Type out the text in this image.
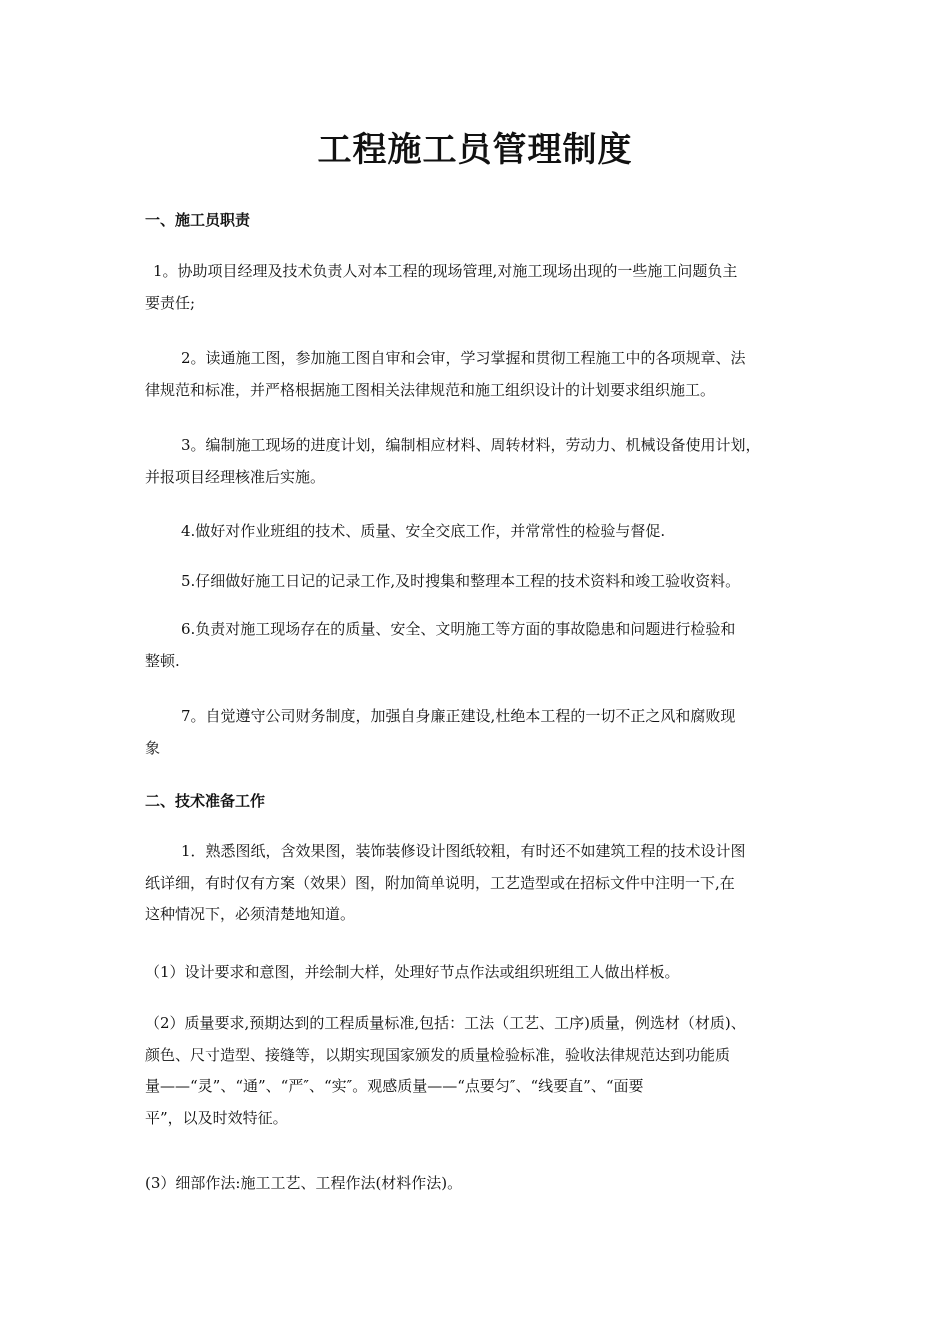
工程施工员管理制度
一、施工员职责
1。协助项目经理及技术负责人对本工程的现场管理,对施工现场出现的一些施工问题负主
要责任;
2。读通施工图，参加施工图自审和会审，学习掌握和贯彻工程施工中的各项规章、法
律规范和标准，并严格根据施工图相关法律规范和施工组织设计的计划要求组织施工。
3。编制施工现场的进度计划，编制相应材料、周转材料，劳动力、机械设备使用计划，
并报项目经理核准后实施。
4.做好对作业班组的技术、质量、安全交底工作，并常常性的检验与督促.
5.仔细做好施工日记的记录工作,及时搜集和整理本工程的技术资料和竣工验收资料。
6.负责对施工现场存在的质量、安全、文明施工等方面的事故隐患和问题进行检验和
整顿.
7。自觉遵守公司财务制度，加强自身廉正建设,杜绝本工程的一切不正之风和腐败现
象
二、技术准备工作
1．熟悉图纸，含效果图，装饰装修设计图纸较粗，有时还不如建筑工程的技术设计图
纸详细，有时仅有方案（效果）图，附加简单说明，工艺造型或在招标文件中注明一下,在
这种情况下，必须清楚地知道。
（1）设计要求和意图，并绘制大样，处理好节点作法或组织班组工人做出样板。
（2）质量要求,预期达到的工程质量标准,包括：工法（工艺、工序)质量，例选材（材质)、
颜色、尺寸造型、接缝等，以期实现国家颁发的质量检验标准，验收法律规范达到功能质
量——“灵”、“通”、“严″、“实″。观感质量——“点要匀″、“线要直”、“面要
平”，以及时效特征。
(3）细部作法:施工工艺、工程作法(材料作法)。
